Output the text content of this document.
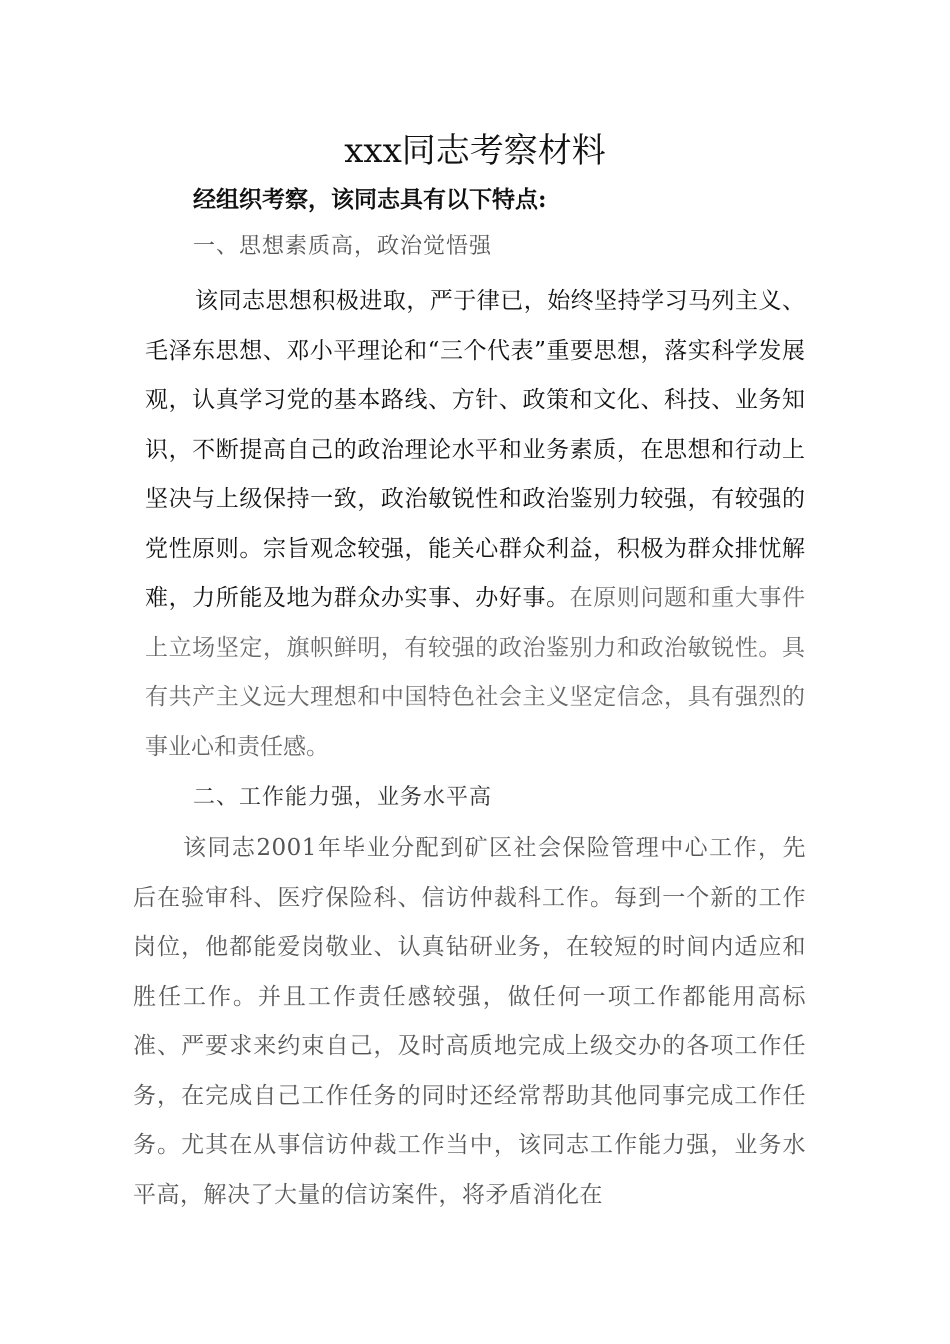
xxx同志考察材料
经组织考察，该同志具有以下特点:
一、思想素质高，政治觉悟强

该同志思想积极进取，严于律已，始终坚持学习马列主义、毛泽东思想、邓小平理论和“三个代表”重要思想，落实科学发展观，认真学习党的基本路线、方针、政策和文化、科技、业务知识，不断提高自己的政治理论水平和业务素质，在思想和行动上坚决与上级保持一致，政治敏锐性和政治鉴别力较强，有较强的党性原则。宗旨观念较强，能关心群众利益，积极为群众排忧解难，力所能及地为群众办实事、办好事。在原则问题和重大事件上立场坚定，旗帜鲜明，有较强的政治鉴别力和政治敏锐性。具有共产主义远大理想和中国特色社会主义坚定信念，具有强烈的事业心和责任感。

二、工作能力强，业务水平高

该同志2001年毕业分配到矿区社会保险管理中心工作，先后在验审科、医疗保险科、信访仲裁科工作。每到一个新的工作岗位，他都能爱岗敬业、认真钻研业务，在较短的时间内适应和胜任工作。并且工作责任感较强，做任何一项工作都能用高标准、严要求来约束自己，及时高质地完成上级交办的各项工作任务，在完成自己工作任务的同时还经常帮助其他同事完成工作任务。尤其在从事信访仲裁工作当中，该同志工作能力强，业务水平高，解决了大量的信访案件，将矛盾消化在
